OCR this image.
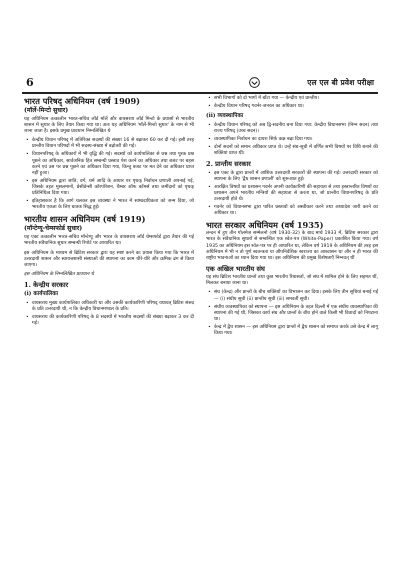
6	एल एल बी प्रवेश परीक्षा
भारत परिषद् अधिनियम (वर्ष 1909)
(मॉर्ले-मिन्टो सुधार)

यह अधिनियम तत्कालीन भारत-सचिव लॉर्ड मॉर्ले और वायसराय लॉर्ड मिन्टो के प्रयासों से भारतीय शासन में सुधार के लिए तैयार किया गया था। अतः यह अधिनियम 'मॉर्ले-मिन्टो सुधार' के नाम से भी जाना जाता है। इसके प्रमुख प्रावधान निम्नलिखित थे

• केन्द्रीय विधान परिषद् में अतिरिक्त सदस्यों की संख्या 16 से बढ़ाकर 60 कर दी गई। इसी तरह प्रान्तीय विधान परिषदों में भी सदस्य-संख्या में बढ़ोतरी की गई।
• विधानपरिषद् के अधिकारों में भी वृद्धि की गई। सदस्यों को कार्यपालिका से प्रश्न तथा पूरक प्रश्न पूछने का अधिकार, सार्वजनिक हित सम्बन्धी प्रस्ताव पेश करने का अधिकार तथा बजट पर बहस करने एवं उस पर प्रश्न पूछने का अधिकार दिया गया, किन्तु बजट पर मत देने का अधिकार प्राप्त नहीं हुआ।
• इस अधिनियम द्वारा जाति, वर्ग, धर्म आदि के आधार पर पृथक् निर्वाचन प्रणाली अपनाई गई, जिसके तहत मुसलमानों, प्रेसीडेन्सी कॉरपोरेशन, चैम्बर ऑफ कॉमर्स तथा जमींदारों को पृथक् प्रतिनिधित्व दिया गया।
• इतिहासकार है कि आगे चलकर इस व्यवस्था ने भारत में साम्प्रदायिकता को जन्म दिया, जो भारतीय एकता के लिए घातक सिद्ध हुई।
भारतीय शासन अधिनियम (वर्ष 1919)
(मॉन्टेग्यू-चेम्सफोर्ड सुधार)

यह एक्ट तत्कालीन भारत-सचिव मॉन्टेग्यू और भारत के वायसराय लॉर्ड चेम्सफोर्ड द्वारा तैयार की गई भारतीय संवैधानिक सुधार सम्बन्धी रिपोर्ट पर आधारित था।

इस अधिनियम के माध्यम से ब्रिटिश सरकार द्वारा यह स्पष्ट करने का प्रयास किया गया कि भारत में उत्तरदायी शासन और स्वायत्तशासी संस्थाओं की स्थापना का काम धीरे-धीरे और क्रमिक ढंग से किया जाएगा।

इस अधिनियम के निम्नलिखित प्रावधान थे

1. केन्द्रीय सरकार
(i) कार्यपालिका
• वायसराय मुख्य कार्यपालिका अधिकारी था और उसकी कार्यकारिणी परिषद् यथावत् ब्रिटिश संसद के प्रति उत्तरदायी थी, न कि केन्द्रीय विधानमण्डल के प्रति।
• वायसराय की कार्यकारिणी परिषद् के 8 सदस्यों में भारतीय सदस्यों की संख्या बढ़ाकर 3 कर दी गई।
• सभी विभागों को दो भागों में बाँटा गया — केन्द्रीय एवं प्रान्तीय।
• केन्द्रीय विधान परिषद् गवर्नर-जनरल का अधिकार था।
(ii) व्यवस्थापिका
• केन्द्रीय विधान परिषद् को अब द्वि-सदनीय बना दिया गया: केन्द्रीय विधानसभा (निम्न सदन) तथा राज्य परिषद् (उच्च सदन)।
• व्यवस्थापिका निर्वाचन का दायरा सिर्फ़ कक्ष बढ़ा दिया गया।
• दोनों सदनों को समान अधिकार प्राप्त थे। उन्हें संघ-सूची में वर्णित सभी विषयों पर विधि बनाने की शक्तियां प्राप्त थीं।
2. प्रान्तीय सरकार
• इस एक्ट के द्वारा प्रान्तों में आंशिक उत्तरदायी सरकारों की स्थापना की गई। उत्तरदायी सरकार को स्थापना के लिए 'द्वैध शासन प्रणाली' को शुरूआत हुई।
• आरक्षित विषयों का प्रशासन गवर्नर अपनी कार्यकारिणी की सहायता से तथा हस्तान्तरित विषयों का प्रशासन अपने भारतीय मन्त्रियों की सहायता से करता था, जो प्रान्तीय विधानपरिषद् के प्रति उत्तरदायी होते थे।
• गवर्नर को विधानसभा द्वारा पारित प्रस्तावों को अस्वीकार करने तथा अध्यादेश जारी करने का अधिकार था।
भारत सरकार अधिनियम (वर्ष 1935)

लन्दन में हुए तीन गोलमेज सम्मेलनों (वर्ष 1930-32) के बाद मार्च 1933 में, ब्रिटिश सरकार द्वारा भारत के संवैधानिक सुधारों से सम्बन्धित एक श्वेत-पत्र (White-Paper) प्रकाशित किया गया। वर्ष 1935 का अधिनियम इस श्वेत-पत्र पर ही आधारित था, लेकिन वर्ष 1919 के अधिनियम की तरह इस अधिनियम में भी न तो पूर्ण स्वतन्त्रता या औपनिवेशिक स्वराज्य का आश्वासन था और न ही भारत की राष्ट्रीय भावनाओं का ध्यान दिया गया था। इस अधिनियम की प्रमुख विशेषताएँ निम्नवत् थीं

एक अखिल भारतीय संघ

यह संघ ब्रिटिश भारतीय प्रान्तों तथा कुछ भारतीय रियासतों, जो संघ में शामिल होने के लिए सहमत थीं, मिलकर बनाया जाना था।

• संघ (केन्द्र) और प्रान्तों के बीच शक्तियों का विभाजन कर दिया। इसके लिए तीन सूचियां बनाई गईं — (i) संघीय सूची (ii) प्रान्तीय सूची (iii) समवर्ती सूची।
• संघीय व्यवस्थापिका को स्थापना — इस अधिनियम के तहत दिल्ली में एक संघीय व्यवस्थापिका की स्थापना की गई थी, जिसका कार्य संघ और प्रान्तों के बीच होने वाले किसी भी विवादों को निपटाना था।
• केन्द्र में द्वैध शासन — इस अधिनियम द्वारा प्रान्तों में द्वैध शासन को समाप्त करके उसे केन्द्र में लागू किया गया।
